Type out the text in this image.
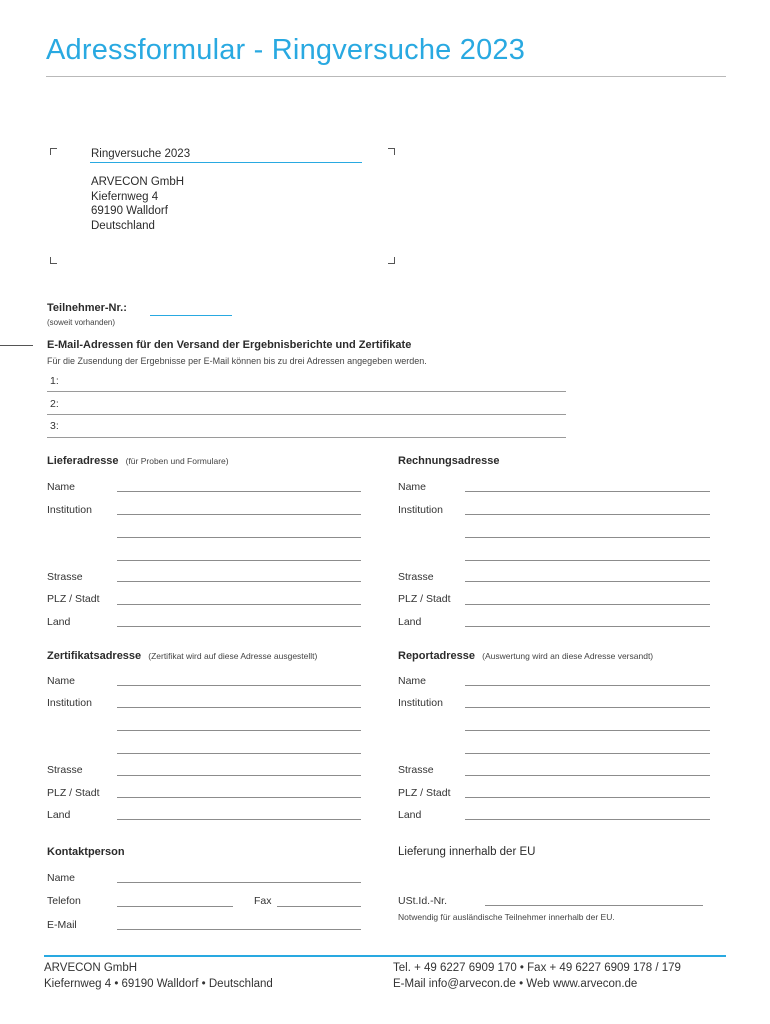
Adressformular - Ringversuche 2023
Ringversuche 2023
ARVECON GmbH
Kiefernweg 4
69190 Walldorf
Deutschland
Teilnehmer-Nr.:
(soweit vorhanden)
E-Mail-Adressen für den Versand der Ergebnisberichte und Zertifikate
Für die Zusendung der Ergebnisse per E-Mail können bis zu drei Adressen angegeben werden.
1:
2:
3:
Lieferadresse (für Proben und Formulare)
Name
Institution
Strasse
PLZ / Stadt
Land
Rechnungsadresse
Name
Institution
Strasse
PLZ / Stadt
Land
Zertifikatsadresse (Zertifikat wird auf diese Adresse ausgestellt)
Name
Institution
Strasse
PLZ / Stadt
Land
Reportadresse (Auswertung wird an diese Adresse versandt)
Name
Institution
Strasse
PLZ / Stadt
Land
Kontaktperson
Name
Telefon	Fax
E-Mail
Lieferung innerhalb der EU
USt.Id.-Nr.
Notwendig für ausländische Teilnehmer innerhalb der EU.
ARVECON GmbH
Kiefernweg 4 • 69190 Walldorf • Deutschland
Tel. + 49 6227 6909 170 • Fax + 49 6227 6909 178 / 179
E-Mail info@arvecon.de • Web www.arvecon.de
